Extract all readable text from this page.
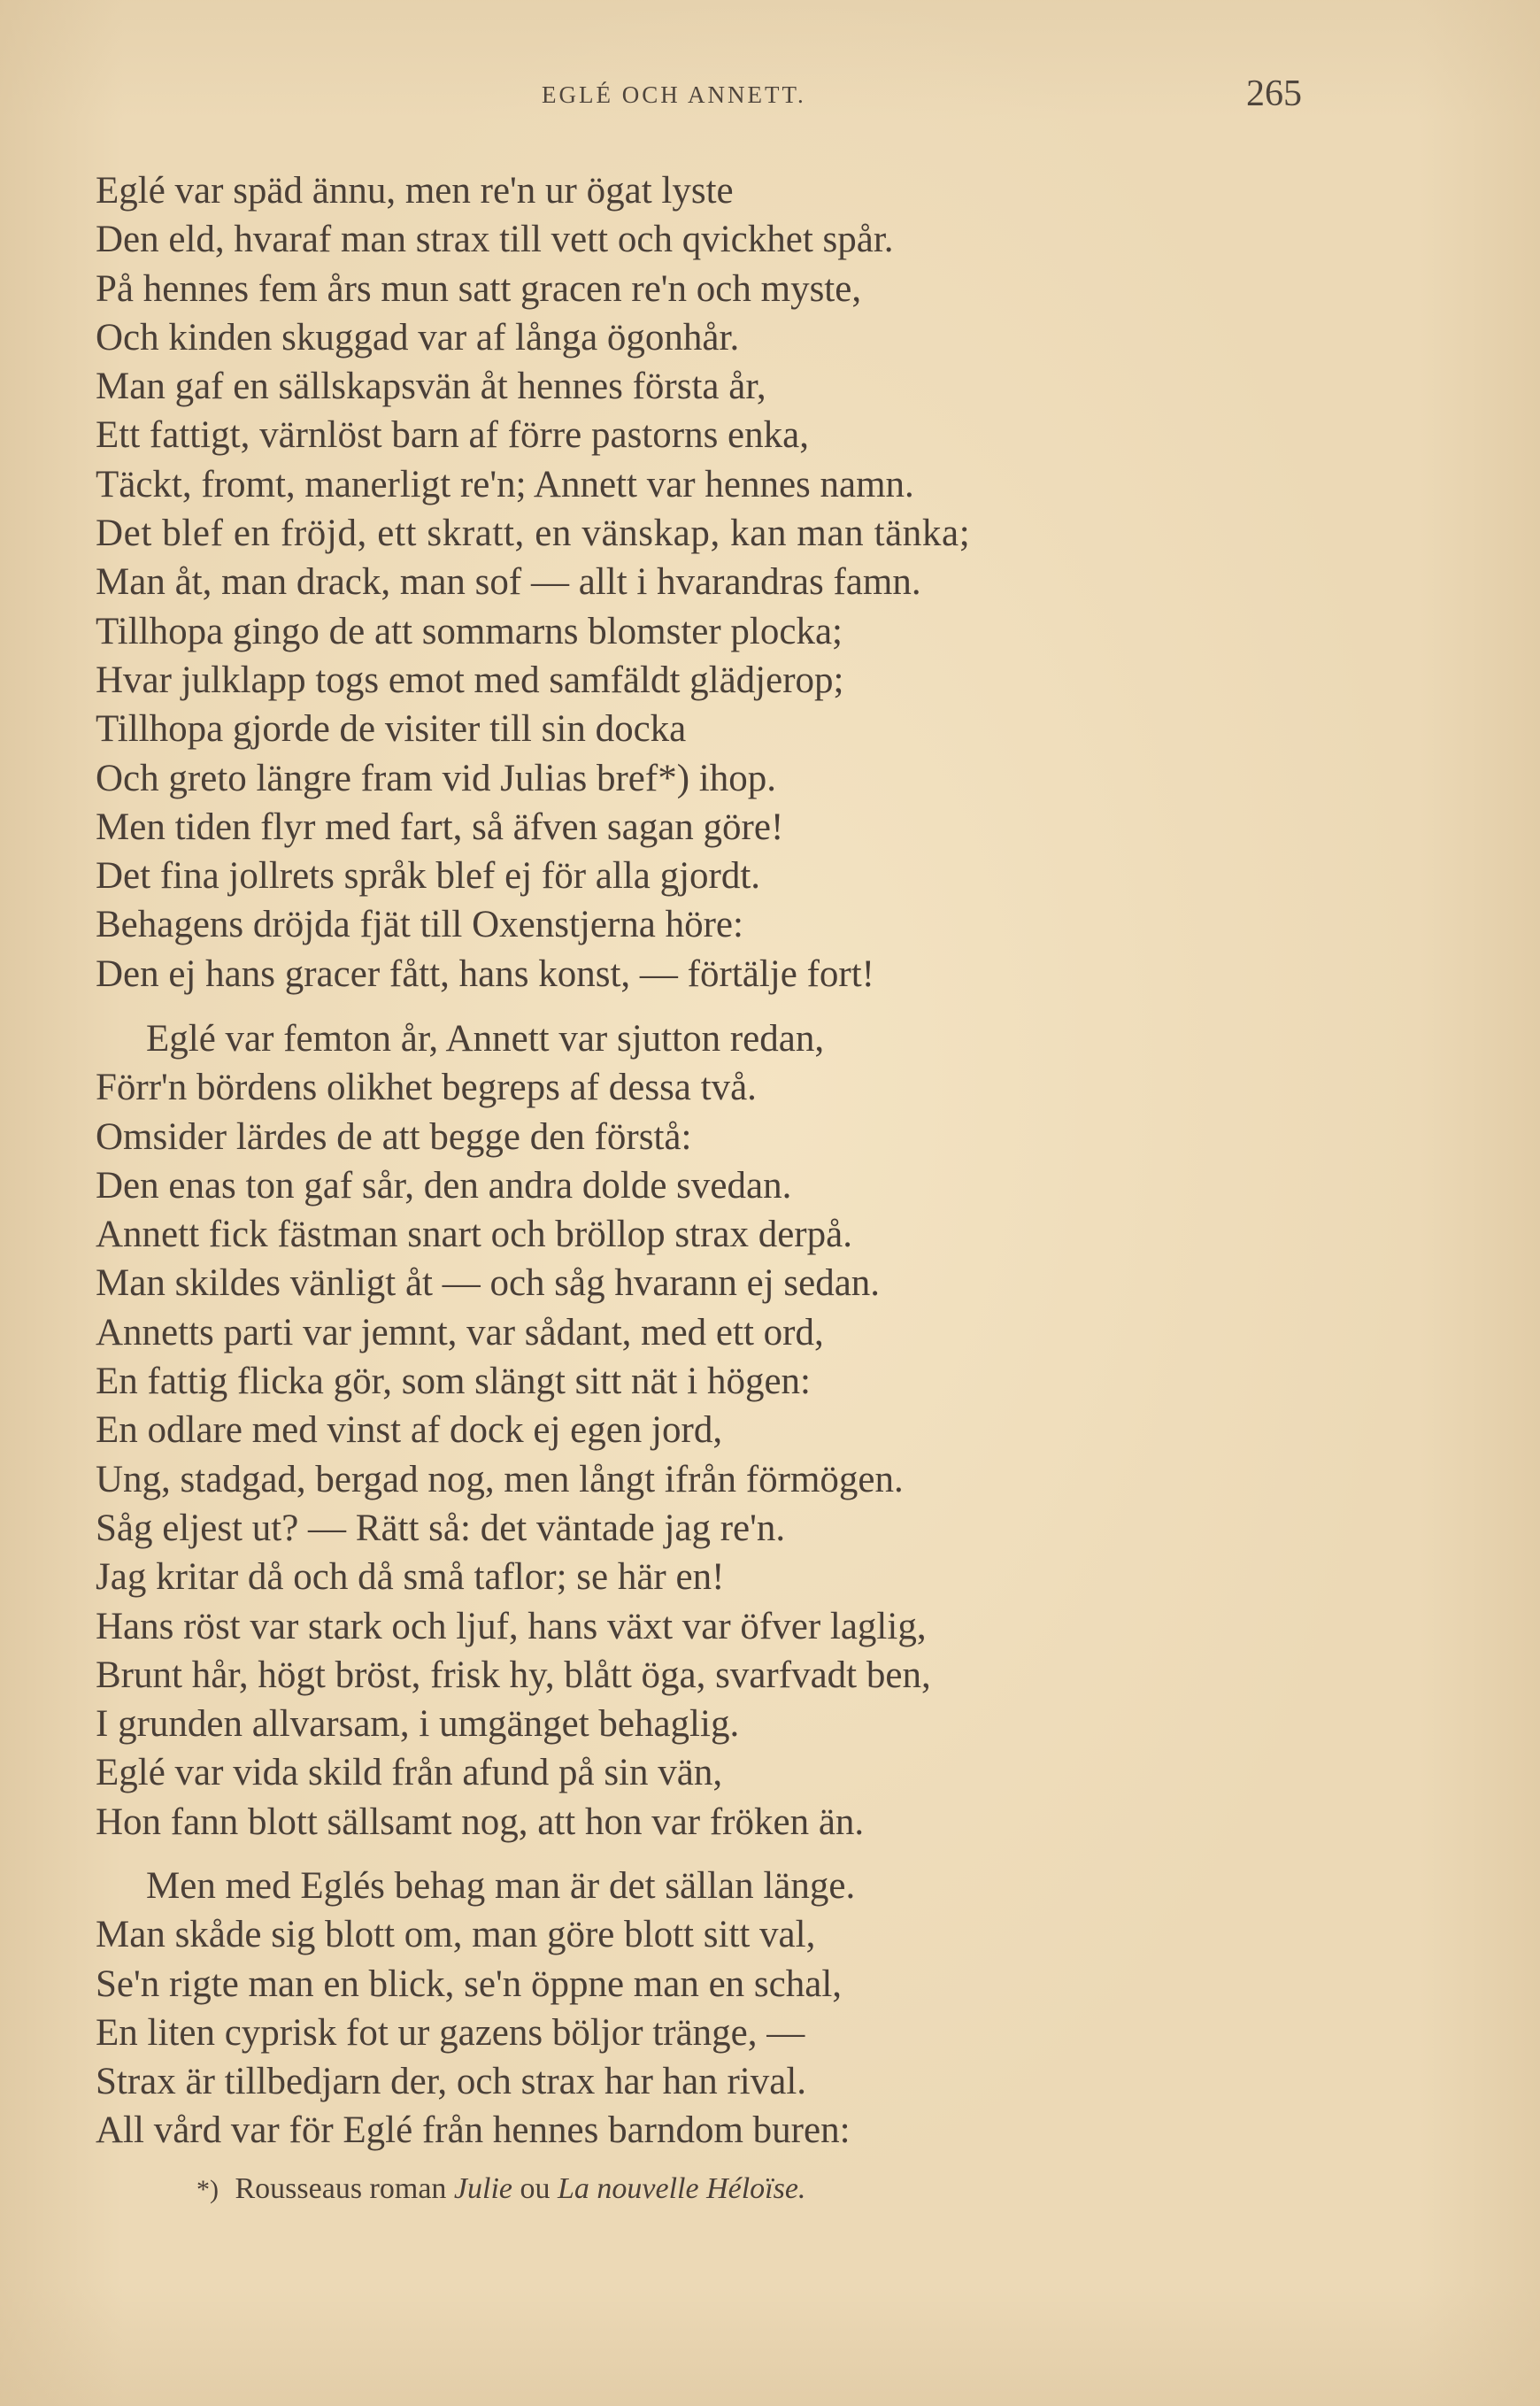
EGLÉ OCH ANNETT.	265
Eglé var späd ännu, men re'n ur ögat lyste
Den eld, hvaraf man strax till vett och qvickhet spår.
På hennes fem års mun satt gracen re'n och myste,
Och kinden skuggad var af långa ögonhår.
Man gaf en sällskapsvän åt hennes första år,
Ett fattigt, värnlöst barn af förre pastorns enka,
Täckt, fromt, manerligt re'n; Annett var hennes namn.
Det blef en fröjd, ett skratt, en vänskap, kan man tänka;
Man åt, man drack, man sof — allt i hvarandras famn.
Tillhopa gingo de att sommarns blomster plocka;
Hvar julklapp togs emot med samfäldt glädjerop;
Tillhopa gjorde de visiter till sin docka
Och greto längre fram vid Julias bref*) ihop.
Men tiden flyr med fart, så äfven sagan göre!
Det fina jollrets språk blef ej för alla gjordt.
Behagens dröjda fjät till Oxenstjerna höre:
Den ej hans gracer fått, hans konst, — förtälje fort!
Eglé var femton år, Annett var sjutton redan,
Förr'n bördens olikhet begreps af dessa två.
Omsider lärdes de att begge den förstå:
Den enas ton gaf sår, den andra dolde svedan.
Annett fick fästman snart och bröllop strax derpå.
Man skildes vänligt åt — och såg hvarann ej sedan.
Annetts parti var jemnt, var sådant, med ett ord,
En fattig flicka gör, som slängt sitt nät i högen:
En odlare med vinst af dock ej egen jord,
Ung, stadgad, bergad nog, men långt ifrån förmögen.
Såg eljest ut? — Rätt så: det väntade jag re'n.
Jag kritar då och då små taflor; se här en!
Hans röst var stark och ljuf, hans växt var öfver laglig,
Brunt hår, högt bröst, frisk hy, blått öga, svarfvadt ben,
I grunden allvarsam, i umgänget behaglig.
Eglé var vida skild från afund på sin vän,
Hon fann blott sällsamt nog, att hon var fröken än.
Men med Eglés behag man är det sällan länge.
Man skåde sig blott om, man göre blott sitt val,
Se'n rigte man en blick, se'n öppne man en schal,
En liten cyprisk fot ur gazens böljor tränge, —
Strax är tillbedjarn der, och strax har han rival.
All vård var för Eglé från hennes barndom buren:
*) Rousseaus roman Julie ou La nouvelle Héloïse.
